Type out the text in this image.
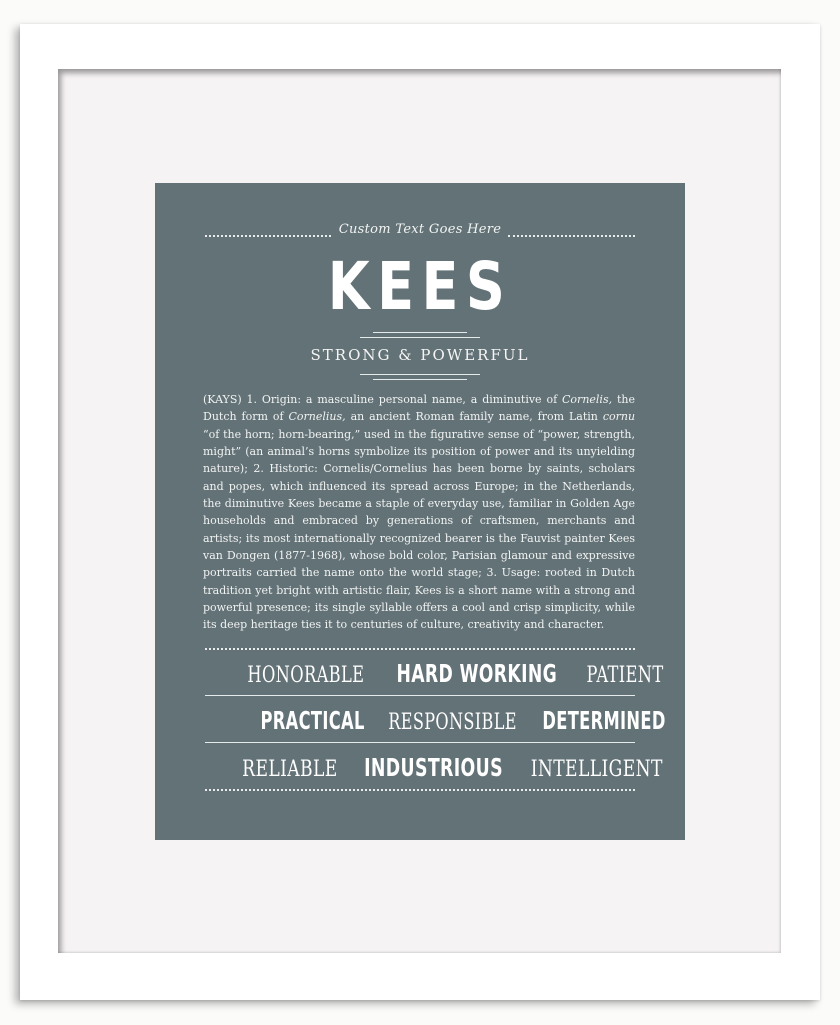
Custom Text Goes Here
KEES
STRONG & POWERFUL
(KAYS) 1. Origin: a masculine personal name, a diminutive of Cornelis, the Dutch form of Cornelius, an ancient Roman family name, from Latin cornu “of the horn; horn-bearing,” used in the figurative sense of “power, strength, might” (an animal’s horns symbolize its position of power and its unyielding nature); 2. Historic: Cornelis/Cornelius has been borne by saints, scholars and popes, which influenced its spread across Europe; in the Netherlands, the diminutive Kees became a staple of everyday use, familiar in Golden Age households and embraced by generations of craftsmen, merchants and artists; its most internationally recognized bearer is the Fauvist painter Kees van Dongen (1877-1968), whose bold color, Parisian glamour and expressive portraits carried the name onto the world stage; 3. Usage: rooted in Dutch tradition yet bright with artistic flair, Kees is a short name with a strong and powerful presence; its single syllable offers a cool and crisp simplicity, while its deep heritage ties it to centuries of culture, creativity and character.
HONORABLE HARD WORKING PATIENT
PRACTICAL RESPONSIBLE DETERMINED
RELIABLE INDUSTRIOUS INTELLIGENT
